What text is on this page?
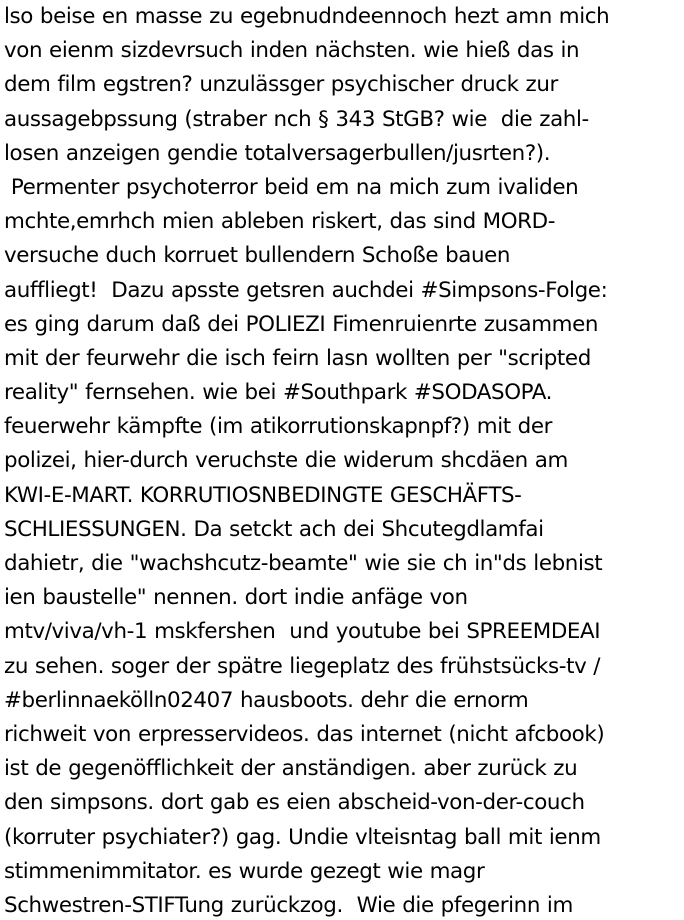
lso beise en masse zu egebnudndeennoch hezt amn mich
von eienm sizdevrsuch inden nächsten. wie hieß das in
dem film egstren? unzulässger psychischer druck zur
aussagebpssung (straber nch § 343 StGB? wie  die zahl-
losen anzeigen gendie totalversagerbullen/jusrten?).
Permenter psychoterror beid em na mich zum ivaliden
mchte,emrhch mien ableben riskert, das sind MORD-
versuche duch korruet bullendern Schoße bauen
auffliegt!  Dazu apsste getsren auchdei #Simpsons-Folge:
es ging darum daß dei POLIEZI Fimenruienrte zusammen
mit der feurwehr die isch feirn lasn wollten per "scripted
reality" fernsehen. wie bei #Southpark #SODASOPA.
feuerwehr kämpfte (im atikorrutionskapnpf?) mit der
polizei, hier-durch veruchste die widerum shcdäen am
KWI-E-MART. KORRUTIOSNBEDINGTE GESCHÄFTS-
SCHLIESSUNGEN. Da setckt ach dei Shcutegdlamfai
dahietr, die "wachshcutz-beamte" wie sie ch in"ds lebnist
ien baustelle" nennen. dort indie anfäge von
mtv/viva/vh-1 mskfershen  und youtube bei SPREEMDEAI
zu sehen. soger der spätre liegeplatz des frühstsücks-tv /
#berlinnaekölln02407 hausboots. dehr die ernorm
richweit von erpresservideos. das internet (nicht afcbook)
ist de gegenöfflichkeit der anständigen. aber zurück zu
den simpsons. dort gab es eien abscheid-von-der-couch
(korruter psychiater?) gag. Undie vlteisntag ball mit ienm
stimmenimmitator. es wurde gezegt wie magr
Schwestren-STIFTung zurückzog.  Wie die pfegerinn im
